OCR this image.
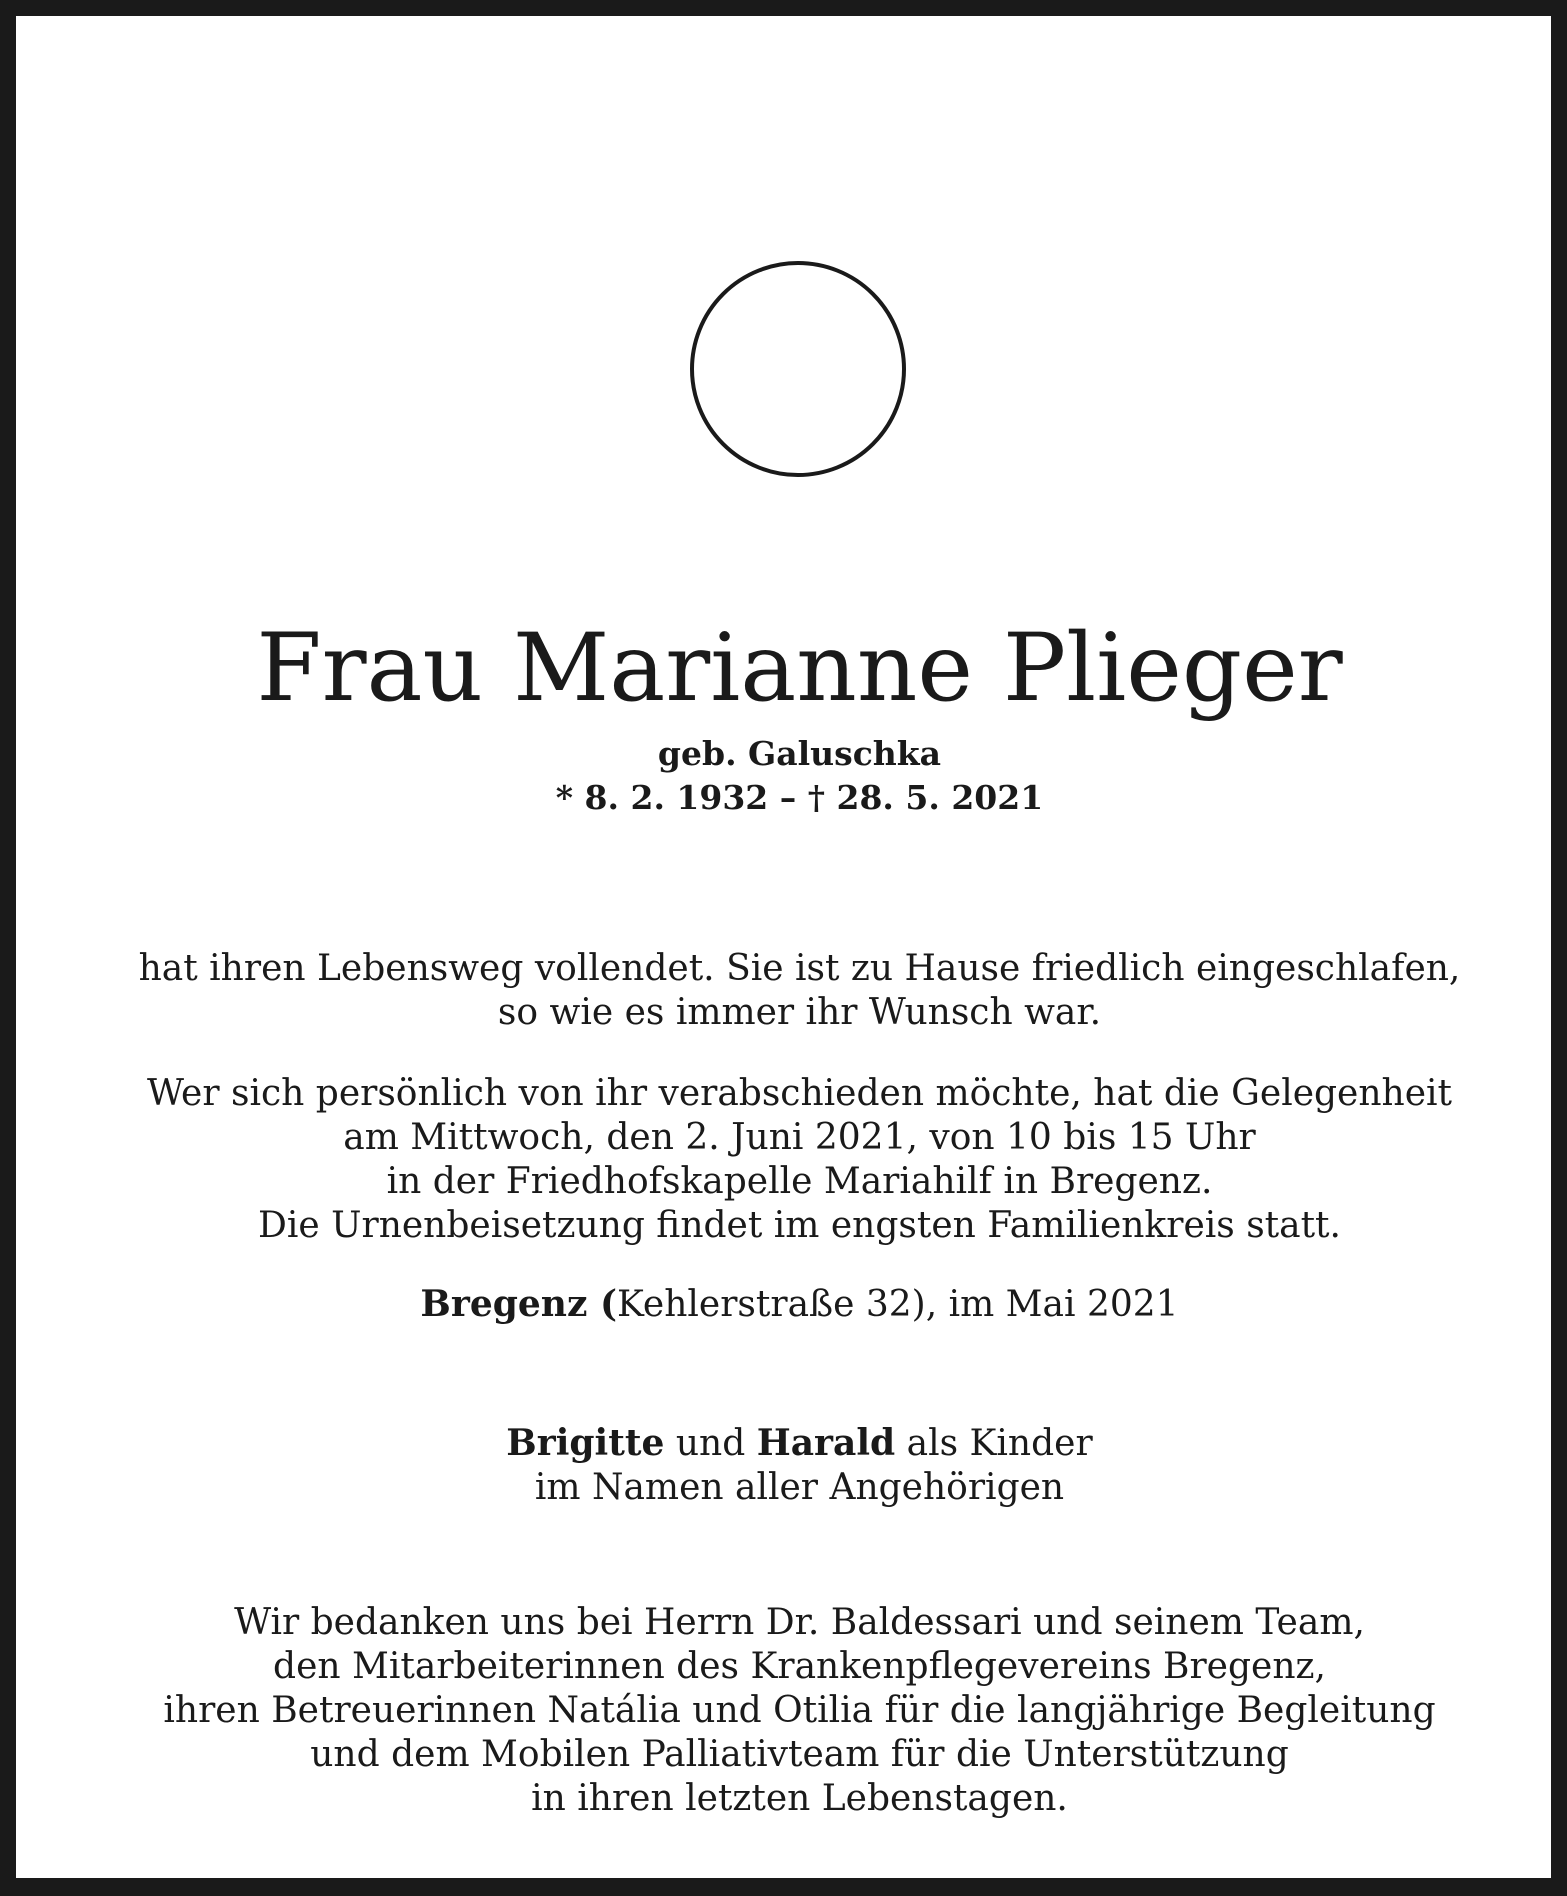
Frau Marianne Plieger
geb. Galuschka
* 8. 2. 1932 – † 28. 5. 2021
hat ihren Lebensweg vollendet. Sie ist zu Hause friedlich eingeschlafen,
so wie es immer ihr Wunsch war.
Wer sich persönlich von ihr verabschieden möchte, hat die Gelegenheit
am Mittwoch, den 2. Juni 2021, von 10 bis 15 Uhr
in der Friedhofskapelle Mariahilf in Bregenz.
Die Urnenbeisetzung findet im engsten Familienkreis statt.
Bregenz (Kehlerstraße 32), im Mai 2021
Brigitte und Harald als Kinder
im Namen aller Angehörigen
Wir bedanken uns bei Herrn Dr. Baldessari und seinem Team,
den Mitarbeiterinnen des Krankenpflegevereins Bregenz,
ihren Betreuerinnen Natália und Otilia für die langjährige Begleitung
und dem Mobilen Palliativteam für die Unterstützung
in ihren letzten Lebenstagen.
